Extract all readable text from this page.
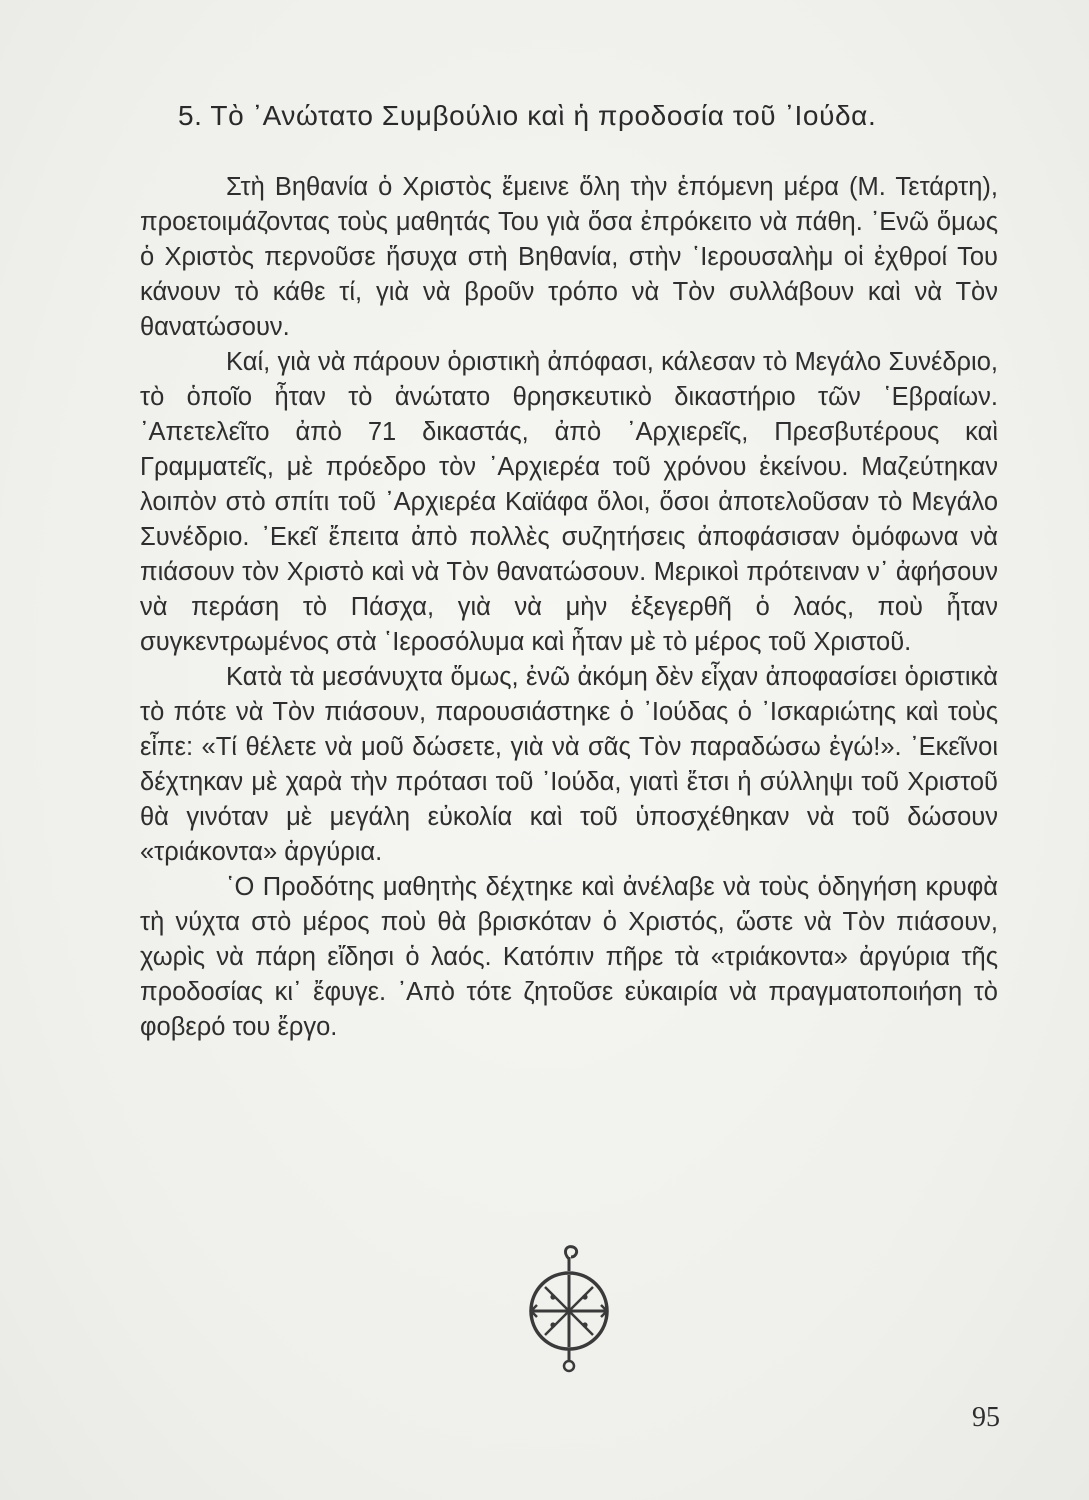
5. Τὸ ᾿Ανώτατο Συμβούλιο καὶ ἡ προδοσία τοῦ ᾿Ιούδα.

Στὴ Βηθανία ὁ Χριστὸς ἔμεινε ὅλη τὴν ἑπόμενη μέρα (Μ. Τετάρτη), προετοιμάζοντας τοὺς μαθητάς Του γιὰ ὅσα ἐπρόκειτο νὰ πάθη. ᾿Ενῶ ὅμως ὁ Χριστὸς περνοῦσε ἥσυχα στὴ Βηθανία, στὴν ῾Ιερουσαλὴμ οἱ ἐχθροί Του κάνουν τὸ κάθε τί, γιὰ νὰ βροῦν τρόπο νὰ Τὸν συλλάβουν καὶ νὰ Τὸν θανατώσουν.

Καί, γιὰ νὰ πάρουν ὁριστικὴ ἀπόφασι, κάλεσαν τὸ Μεγάλο Συνέδριο, τὸ ὁποῖο ἦταν τὸ ἀνώτατο θρησκευτικὸ δικαστήριο τῶν ῾Εβραίων. ᾿Απετελεῖτο ἀπὸ 71 δικαστάς, ἀπὸ ᾿Αρχιερεῖς, Πρεσβυτέρους καὶ Γραμματεῖς, μὲ πρόεδρο τὸν ᾿Αρχιερέα τοῦ χρόνου ἐκείνου. Μαζεύτηκαν λοιπὸν στὸ σπίτι τοῦ ᾿Αρχιερέα Καϊάφα ὅλοι, ὅσοι ἀποτελοῦσαν τὸ Μεγάλο Συνέδριο. ᾿Εκεῖ ἔπειτα ἀπὸ πολλὲς συζητήσεις ἀποφάσισαν ὁμόφωνα νὰ πιάσουν τὸν Χριστὸ καὶ νὰ Τὸν θανατώσουν. Μερικοὶ πρότειναν ν᾿ ἀφήσουν νὰ περάση τὸ Πάσχα, γιὰ νὰ μὴν ἐξεγερθῆ ὁ λαός, ποὺ ἦταν συγκεντρωμένος στὰ ῾Ιεροσόλυμα καὶ ἦταν μὲ τὸ μέρος τοῦ Χριστοῦ.

Κατὰ τὰ μεσάνυχτα ὅμως, ἐνῶ ἀκόμη δὲν εἶχαν ἀποφασίσει ὁριστικὰ τὸ πότε νὰ Τὸν πιάσουν, παρουσιάστηκε ὁ ᾿Ιούδας ὁ ᾿Ισκαριώτης καὶ τοὺς εἶπε: «Τί θέλετε νὰ μοῦ δώσετε, γιὰ νὰ σᾶς Τὸν παραδώσω ἐγώ!». ᾿Εκεῖνοι δέχτηκαν μὲ χαρὰ τὴν πρότασι τοῦ ᾿Ιούδα, γιατὶ ἔτσι ἡ σύλληψι τοῦ Χριστοῦ θὰ γινόταν μὲ μεγάλη εὐκολία καὶ τοῦ ὑποσχέθηκαν νὰ τοῦ δώσουν «τριάκοντα» ἀργύρια.

῾Ο Προδότης μαθητὴς δέχτηκε καὶ ἀνέλαβε νὰ τοὺς ὁδηγήση κρυφὰ τὴ νύχτα στὸ μέρος ποὺ θὰ βρισκόταν ὁ Χριστός, ὥστε νὰ Τὸν πιάσουν, χωρὶς νὰ πάρη εἴδησι ὁ λαός. Κατόπιν πῆρε τὰ «τριάκοντα» ἀργύρια τῆς προδοσίας κι᾿ ἔφυγε. ᾿Απὸ τότε ζητοῦσε εὐκαιρία νὰ πραγματοποιήση τὸ φοβερό του ἔργο.

95
